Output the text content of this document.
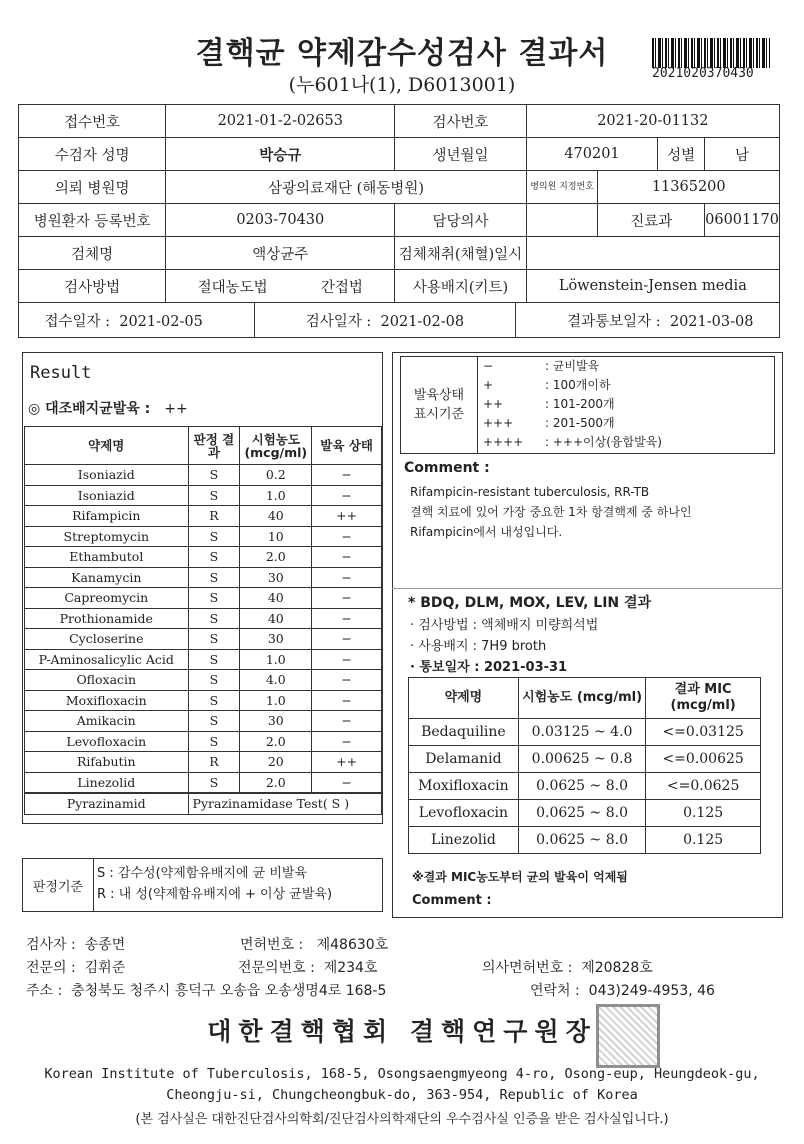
결핵균 약제감수성검사 결과서
(누601나(1), D6013001)
2021020370430
접수번호	2021-01-2-02653	검사번호	2021-20-01132			
수검자 성명	박승규	생년월일	470201		성별	남
의뢰 병원명	삼광의료재단 (해동병원)		병의원 지정번호	11365200		
병원환자 등록번호	0203-70430	담당의사		진료과		06001170
검체명	액상균주	검체채취(채혈)일시				
검사방법	절대농도법 간접법	사용배지(키트)	Löwenstein-Jensen media			

접수일자 : 2021-02-05 검사일자 : 2021-02-08 결과통보일자 : 2021-03-08						
Result
◎ 대조배지균발육 : ++
약제명	판정 결과	시험농도 (mcg/ml)	발육 상태
Isoniazid	S	0.2	−
Isoniazid	S	1.0	−
Rifampicin	R	40	++
Streptomycin	S	10	−
Ethambutol	S	2.0	−
Kanamycin	S	30	−
Capreomycin	S	40	−
Prothionamide	S	40	−
Cycloserine	S	30	−
P-Aminosalicylic Acid	S	1.0	−
Ofloxacin	S	4.0	−
Moxifloxacin	S	1.0	−
Amikacin	S	30	−
Levofloxacin	S	2.0	−
Rifabutin	R	20	++
Linezolid	S	2.0	−
Pyrazinamid	Pyrazinamidase Test( S )		
판정기준
S : 감수성(약제함유배지에 균 비발육
R : 내 성(약제함유배지에 + 이상 균발육)
발육상태
표시기준
−	: 균비발육
+	: 100개이하
++	: 101-200개
+++	: 201-500개
++++ : +++이상(융합발육)
Comment :
Rifampicin-resistant tuberculosis, RR-TB
결핵 치료에 있어 가장 중요한 1차 항결핵제 중 하나인
Rifampicin에서 내성입니다.
* BDQ, DLM, MOX, LEV, LIN 결과
· 검사방법 : 액체배지 미량희석법
· 사용배지 : 7H9 broth
· 통보일자 : 2021-03-31
약제명	시험농도 (mcg/ml)	결과 MIC (mcg/ml)
Bedaquiline	0.03125 ~ 4.0	<=0.03125
Delamanid	0.00625 ~ 0.8	<=0.00625
Moxifloxacin	0.0625 ~ 8.0	<=0.0625
Levofloxacin	0.0625 ~ 8.0	0.125
Linezolid	0.0625 ~ 8.0	0.125
※결과 MIC농도부터 균의 발육이 억제됨
Comment :
검사자 : 송종면	면허번호 : 제48630호
전문의 : 김휘준	전문의번호 : 제234호	의사면허번호 : 제20828호
주소 : 충청북도 청주시 흥덕구 오송읍 오송생명4로 168-5	연락처 : 043)249-4953, 46
대한결핵협회 결핵연구원장
Korean Institute of Tuberculosis, 168-5, Osongsaengmyeong 4-ro, Osong-eup, Heungdeok-gu,
Cheongju-si, Chungcheongbuk-do, 363-954, Republic of Korea
(본 검사실은 대한진단검사의학회/진단검사의학재단의 우수검사실 인증을 받은 검사실입니다.)
